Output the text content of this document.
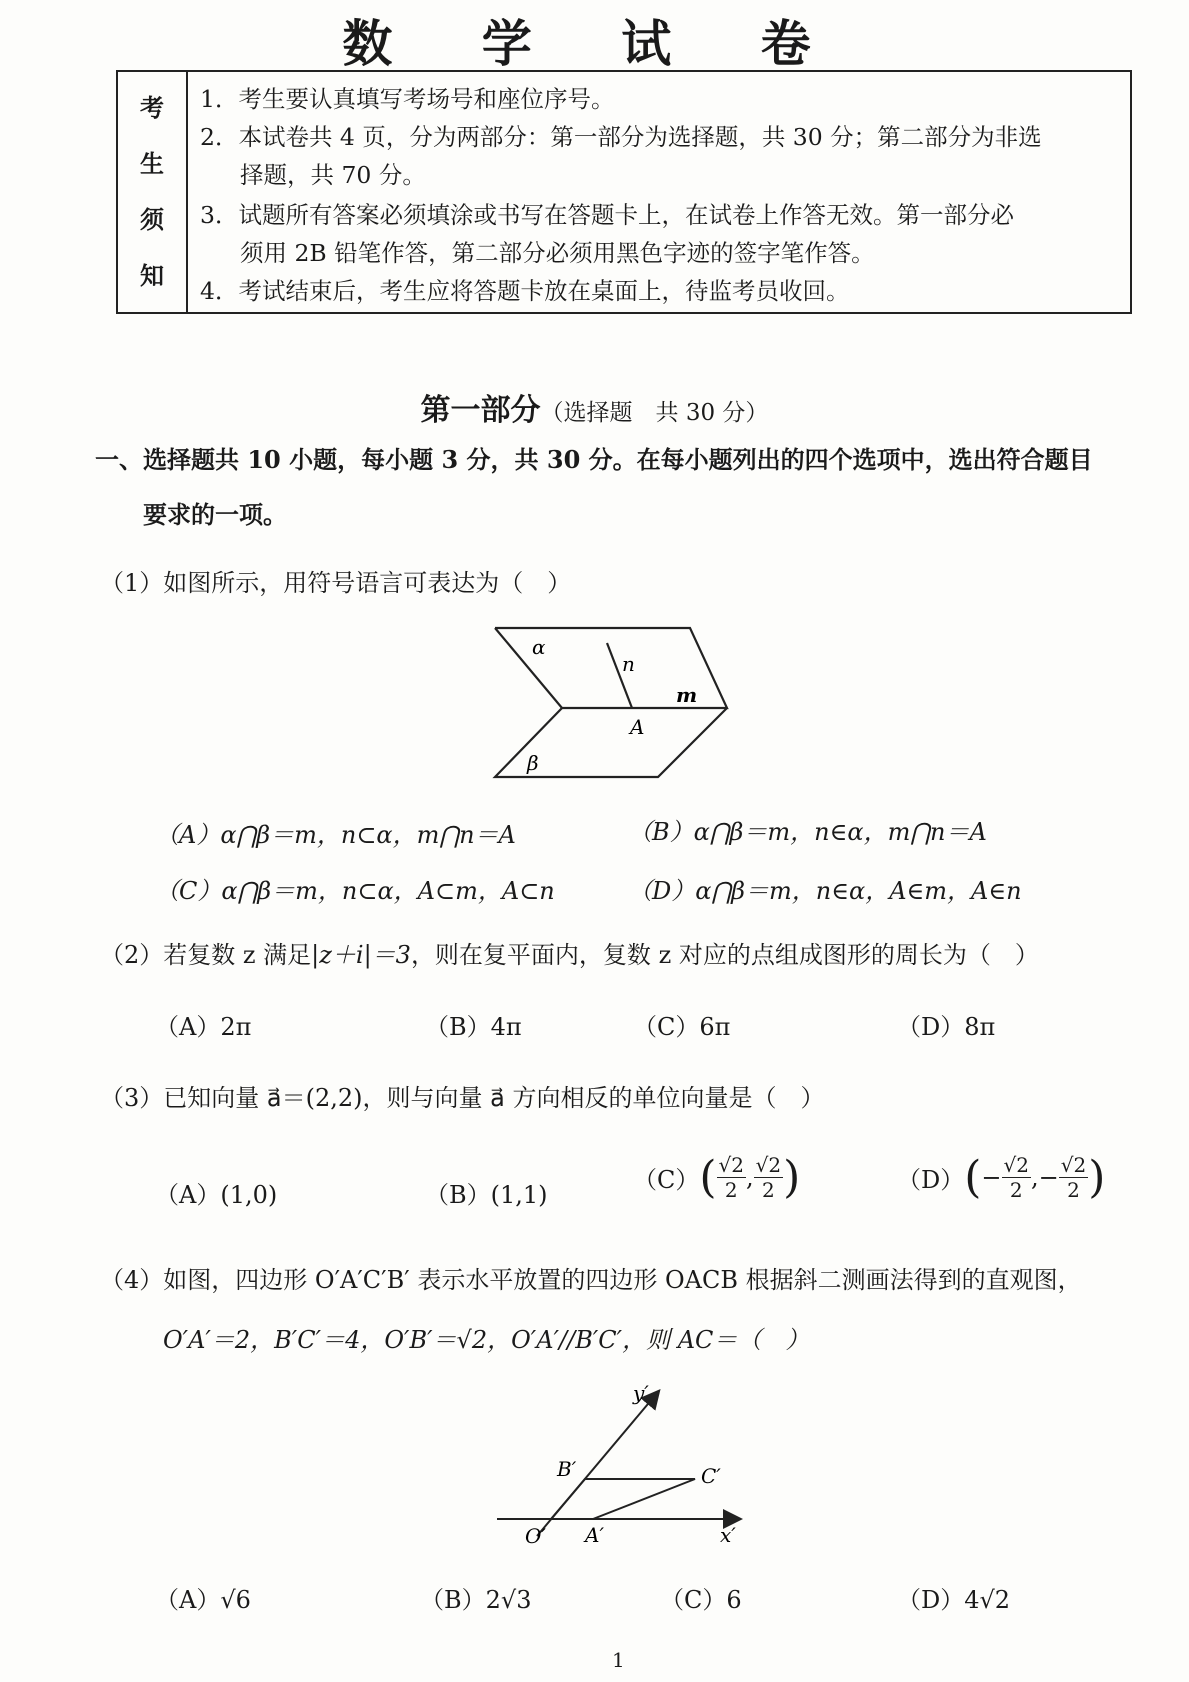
数 学 试 卷
考
生
须
知
1．考生要认真填写考场号和座位序号。
2．本试卷共 4 页，分为两部分：第一部分为选择题，共 30 分；第二部分为非选
择题，共 70 分。
3．试题所有答案必须填涂或书写在答题卡上，在试卷上作答无效。第一部分必
须用 2B 铅笔作答，第二部分必须用黑色字迹的签字笔作答。
4．考试结束后，考生应将答题卡放在桌面上，待监考员收回。
第一部分（选择题　共 30 分）
一、选择题共 10 小题，每小题 3 分，共 30 分。在每小题列出的四个选项中，选出符合题目
要求的一项。
（1）如图所示，用符号语言可表达为（　）
α
n
m
A
β
（A）α⋂β＝m，n⊂α，m⋂n＝A	（B）α⋂β＝m，n∈α，m⋂n＝A
（C）α⋂β＝m，n⊂α，A⊂m，A⊂n	（D）α⋂β＝m，n∈α，A∈m，A∈n
（2）若复数 z 满足|z＋i|＝3，则在复平面内，复数 z 对应的点组成图形的周长为（　）
（A）2π	（B）4π	（C）6π	（D）8π
（3）已知向量 a⃗＝(2,2)，则与向量 a⃗ 方向相反的单位向量是（　）
（A）(1,0)	（B）(1,1)
$(C)( \frac{√2}{2}$ , $\frac{√2}{2}$ )	$(D)(- \frac{√2}{2}$ ,− $\frac{√2}{2}$ )
（4）如图，四边形 O′A′C′B′ 表示水平放置的四边形 OACB 根据斜二测画法得到的直观图，
O′A′＝2，B′C′＝4，O′B′＝√2，O′A′//B′C′，则 AC＝（　）
y′
x′
O′ A′
B′	C′
（A）√6	（B）2√3	（C）6	（D）4√2
1
